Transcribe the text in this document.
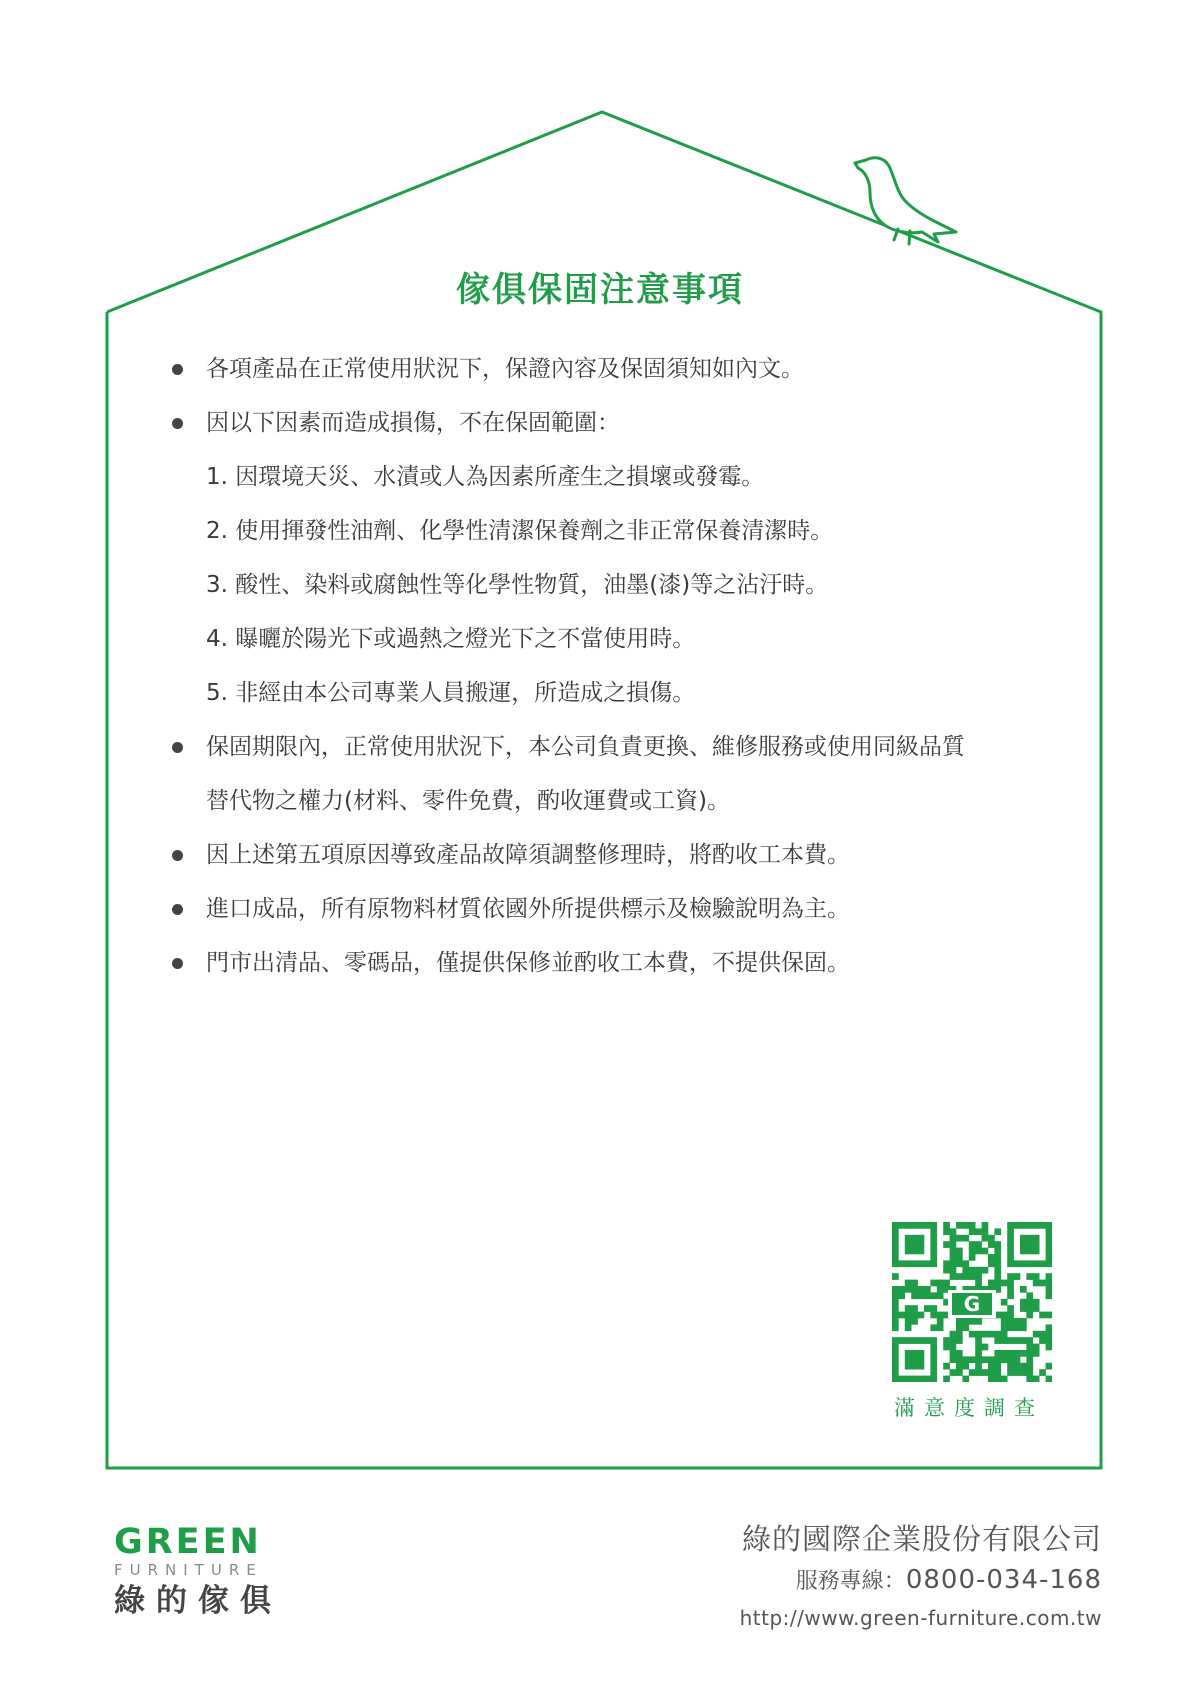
傢俱保固注意事項
各項產品在正常使用狀況下，保證內容及保固須知如內文。
因以下因素而造成損傷，不在保固範圍：
1. 因環境天災、水漬或人為因素所產生之損壞或發霉。
2. 使用揮發性油劑、化學性清潔保養劑之非正常保養清潔時。
3. 酸性、染料或腐蝕性等化學性物質，油墨(漆)等之沾汙時。
4. 曝曬於陽光下或過熱之燈光下之不當使用時。
5. 非經由本公司專業人員搬運，所造成之損傷。
保固期限內，正常使用狀況下，本公司負責更換、維修服務或使用同級品質
替代物之權力(材料、零件免費，酌收運費或工資)。
因上述第五項原因導致產品故障須調整修理時，將酌收工本費。
進口成品，所有原物料材質依國外所提供標示及檢驗說明為主。
門市出清品、零碼品，僅提供保修並酌收工本費，不提供保固。
G
滿意度調查
GREEN
FURNITURE
綠的傢俱
綠的國際企業股份有限公司
服務專線：0800-034-168
http://www.green-furniture.com.tw
